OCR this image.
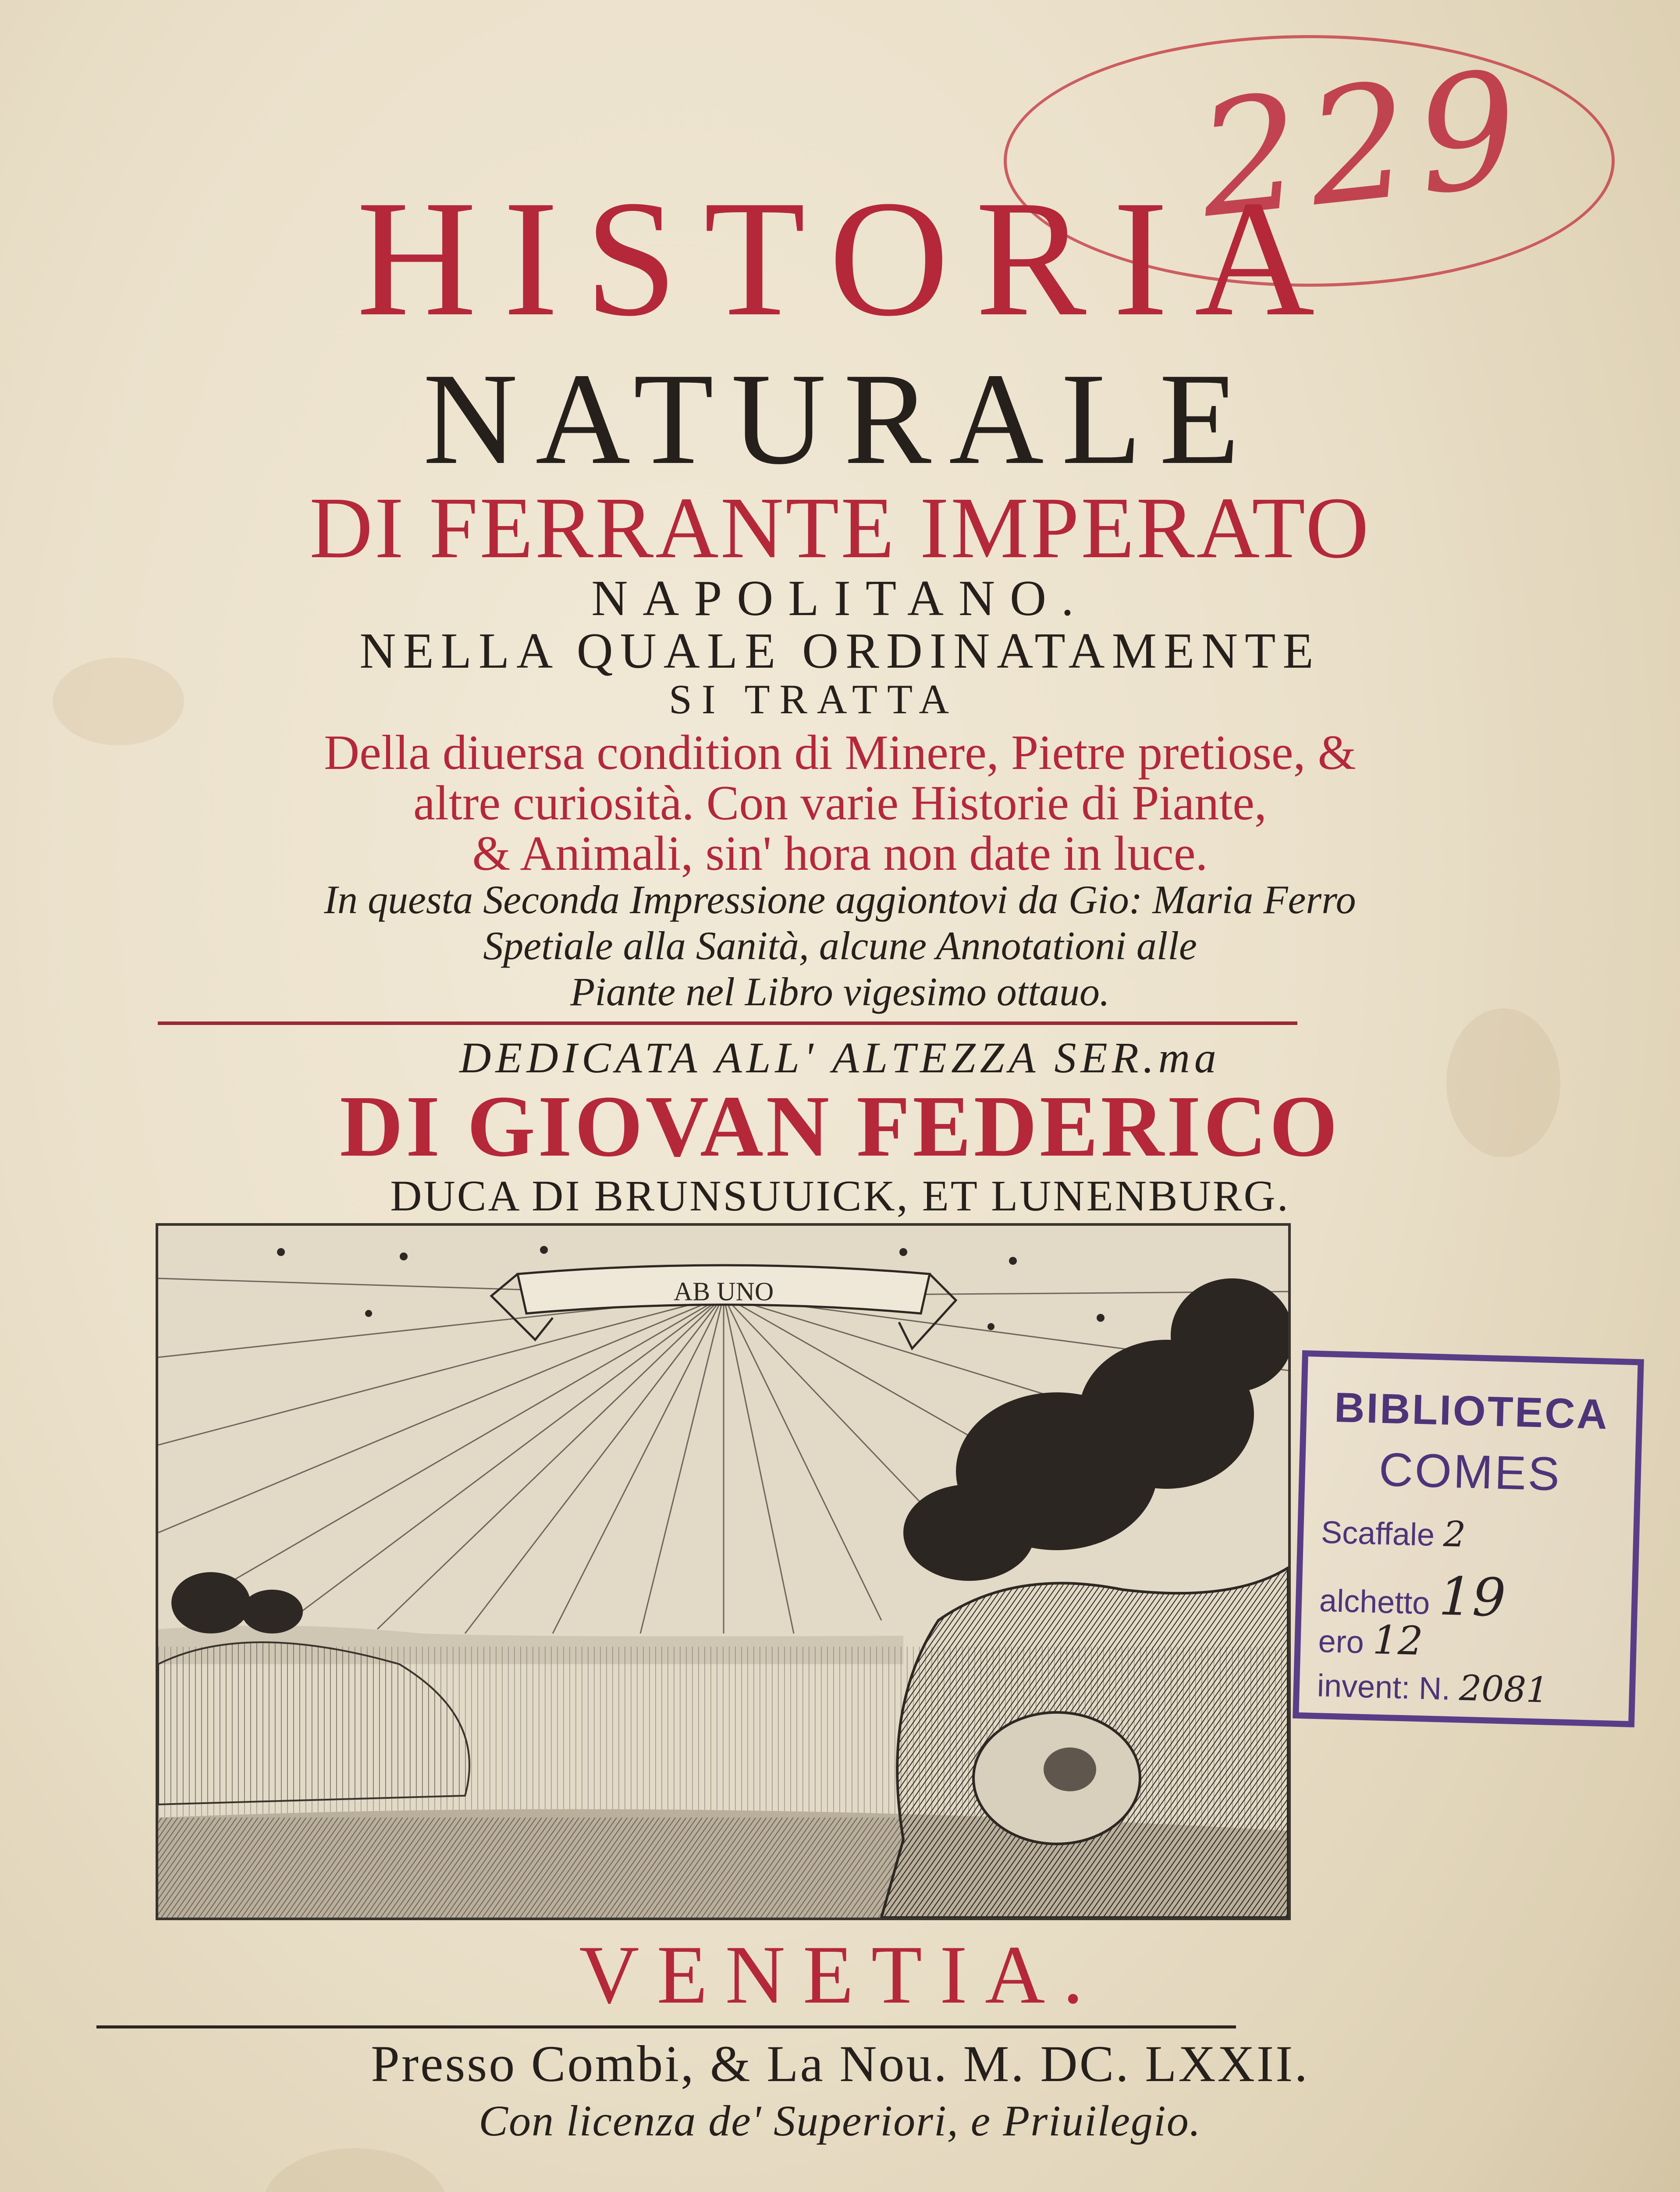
229

HISTORIA

NATURALE

DI FERRANTE IMPERATO

NAPOLITANO.

NELLA QUALE ORDINATAMENTE

SI TRATTA

Della diuersa condition di Minere, Pietre pretiose, &

altre curiosità. Con varie Historie di Piante,

& Animali, sin' hora non date in luce.

In questa Seconda Impressione aggiontovi da Gio: Maria Ferro

Spetiale alla Sanità, alcune Annotationi alle

Piante nel Libro vigesimo ottauo.

DEDICATA ALL' ALTEZZA SER.ma

DI GIOVAN FEDERICO

DUCA DI BRUNSUUICK, ET LUNENBURG.

AB UNO

VENETIA.

Presso Combi, & La Nou. M. DC. LXXII.

Con licenza de' Superiori, e Priuilegio.

BIBLIOTECA
COMES
Scaffale 2
alchetto 19
ero 12
invent: N. 2081
